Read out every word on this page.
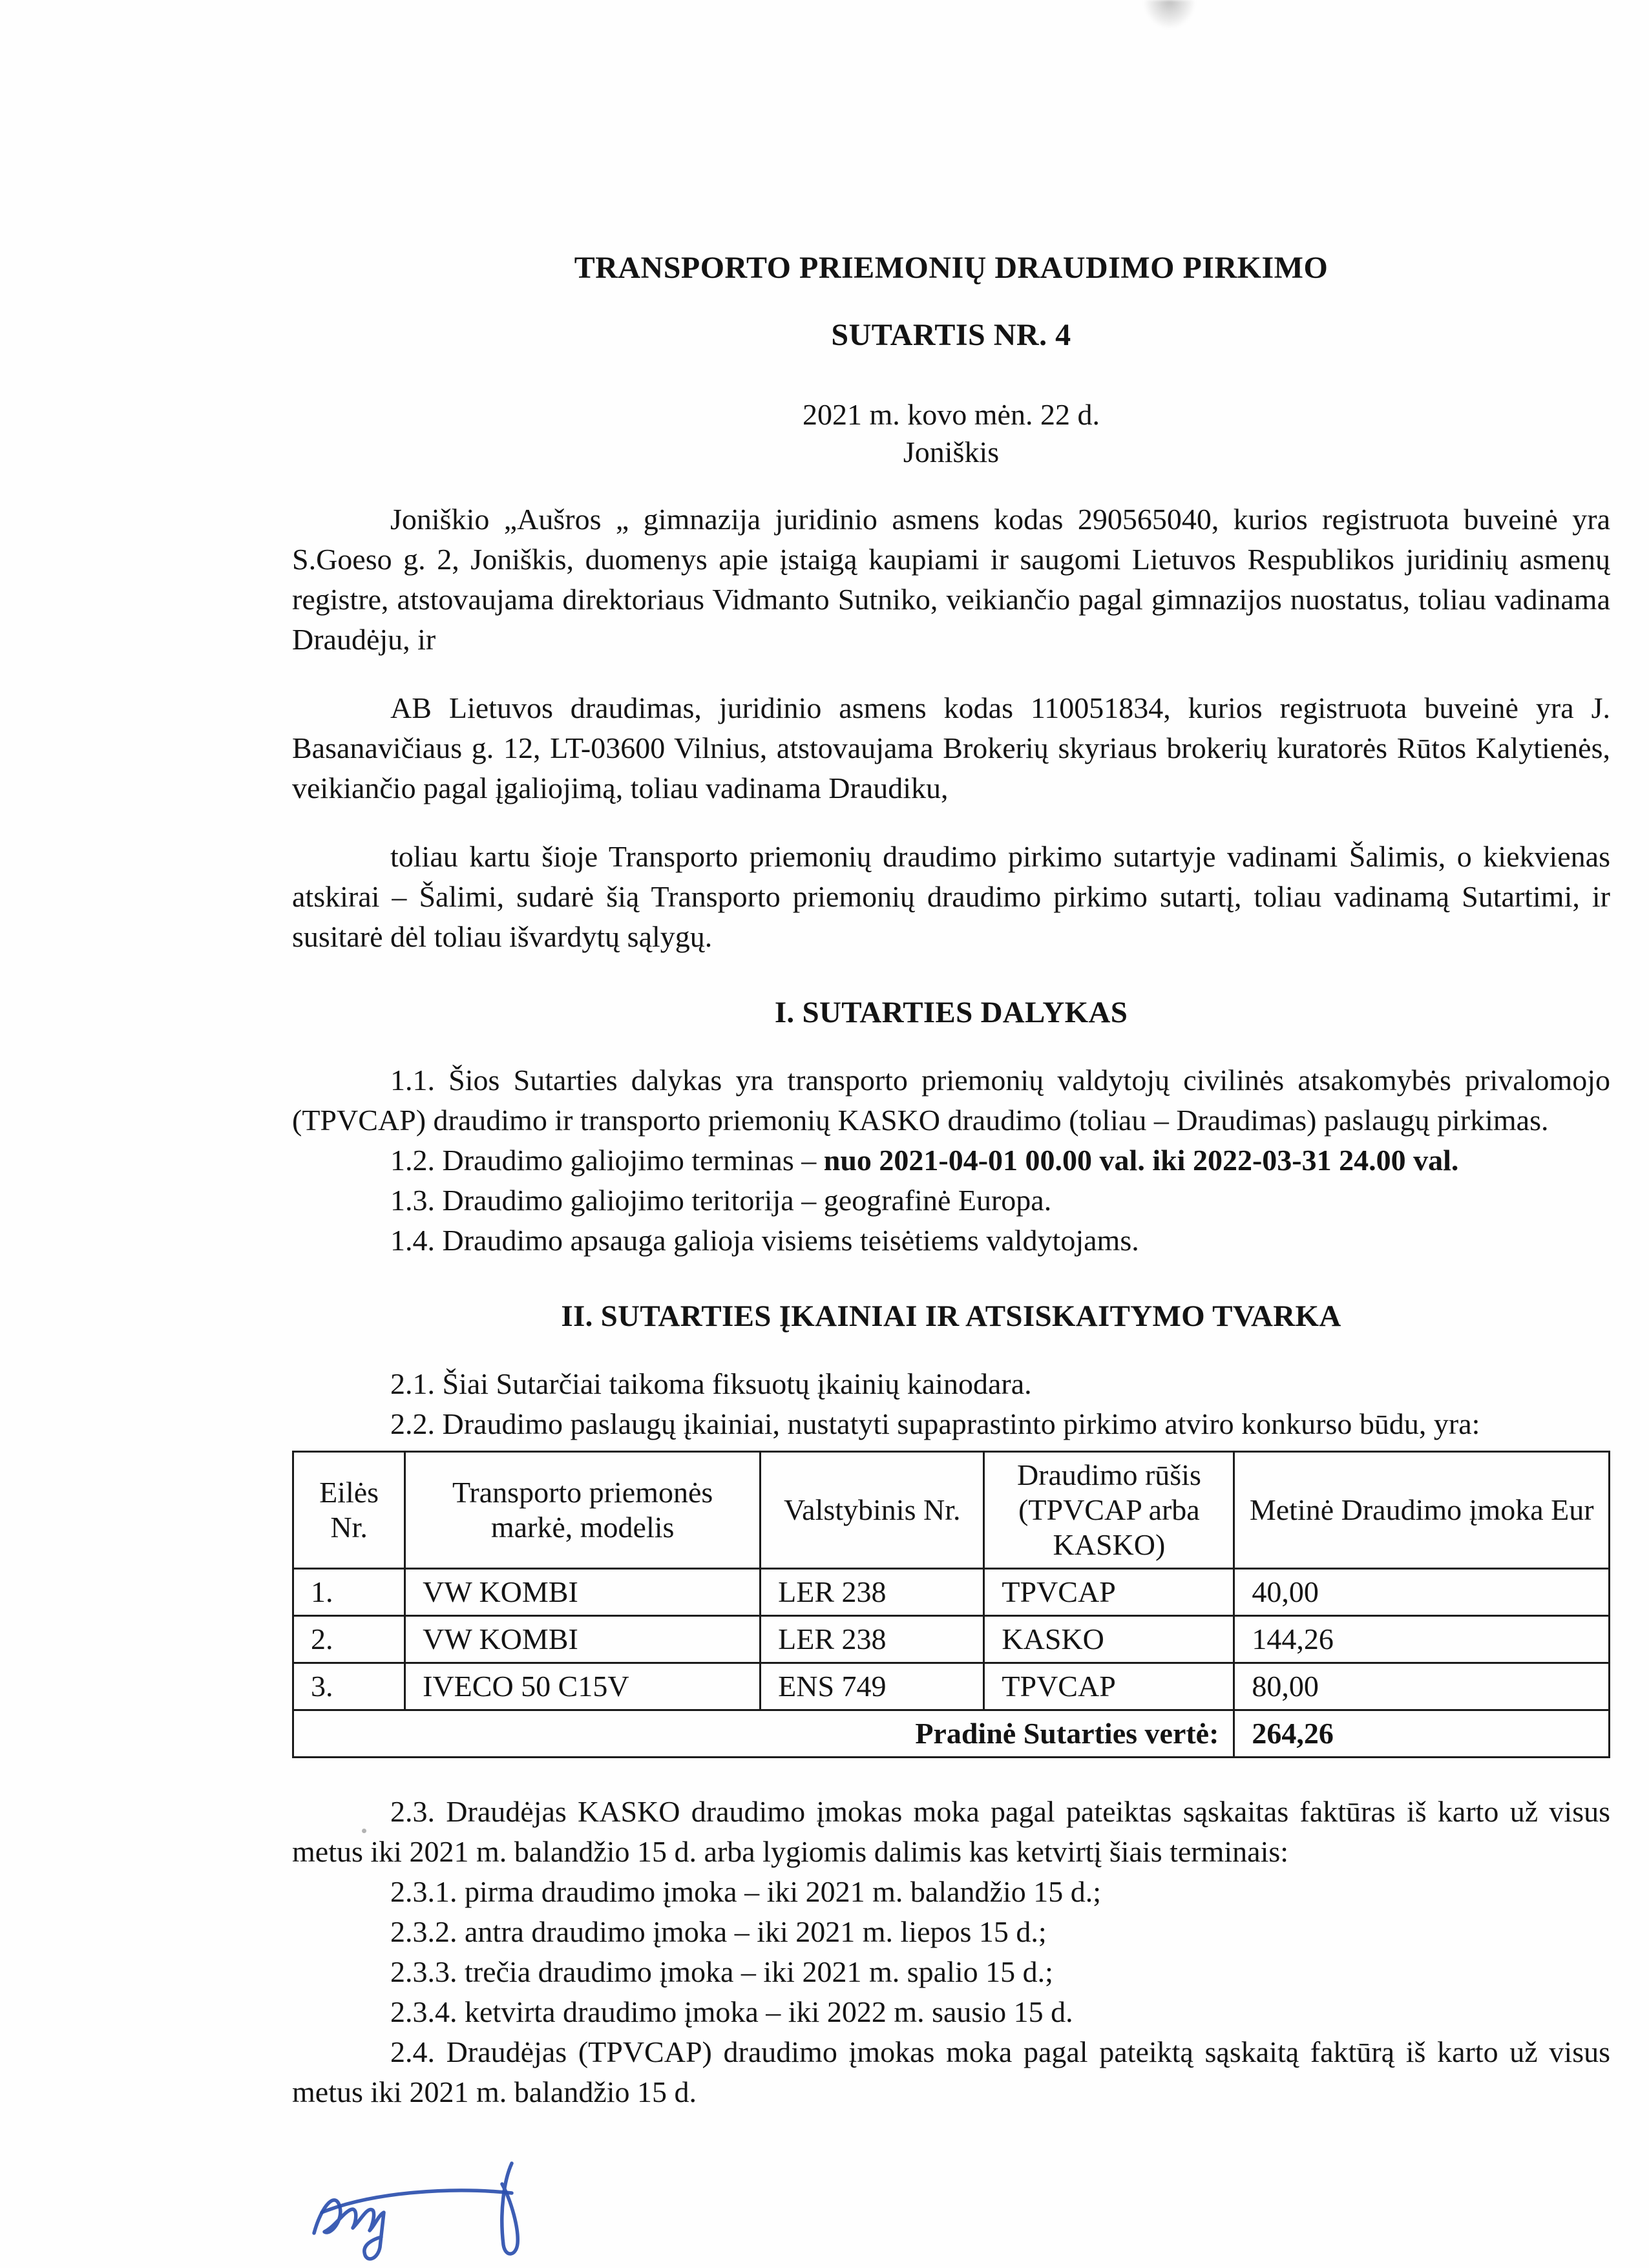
TRANSPORTO PRIEMONIŲ DRAUDIMO PIRKIMO
SUTARTIS NR. 4
2021 m. kovo mėn. 22 d.
Joniškis

Joniškio „Aušros „ gimnazija juridinio asmens kodas 290565040, kurios registruota buveinė yra S.Goeso g. 2, Joniškis, duomenys apie įstaigą kaupiami ir saugomi Lietuvos Respublikos juridinių asmenų registre, atstovaujama direktoriaus Vidmanto Sutniko, veikiančio pagal gimnazijos nuostatus, toliau vadinama Draudėju, ir

AB Lietuvos draudimas, juridinio asmens kodas 110051834, kurios registruota buveinė yra J. Basanavičiaus g. 12, LT-03600 Vilnius, atstovaujama Brokerių skyriaus brokerių kuratorės Rūtos Kalytienės, veikiančio pagal įgaliojimą, toliau vadinama Draudiku,

toliau kartu šioje Transporto priemonių draudimo pirkimo sutartyje vadinami Šalimis, o kiekvienas atskirai – Šalimi, sudarė šią Transporto priemonių draudimo pirkimo sutartį, toliau vadinamą Sutartimi, ir susitarė dėl toliau išvardytų sąlygų.

I. SUTARTIES DALYKAS

1.1. Šios Sutarties dalykas yra transporto priemonių valdytojų civilinės atsakomybės privalomojo (TPVCAP) draudimo ir transporto priemonių KASKO draudimo (toliau – Draudimas) paslaugų pirkimas.

1.2. Draudimo galiojimo terminas – nuo 2021-04-01 00.00 val. iki 2022-03-31 24.00 val.

1.3. Draudimo galiojimo teritorija – geografinė Europa.

1.4. Draudimo apsauga galioja visiems teisėtiems valdytojams.

II. SUTARTIES ĮKAINIAI IR ATSISKAITYMO TVARKA

2.1. Šiai Sutarčiai taikoma fiksuotų įkainių kainodara.

2.2. Draudimo paslaugų įkainiai, nustatyti supaprastinto pirkimo atviro konkurso būdu, yra:

Eilės Nr.	Transporto priemonės markė, modelis	Valstybinis Nr.	Draudimo rūšis (TPVCAP arba KASKO)	Metinė Draudimo įmoka Eur
1.	VW KOMBI	LER 238	TPVCAP	40,00
2.	VW KOMBI	LER 238	KASKO	144,26
3.	IVECO 50 C15V	ENS 749	TPVCAP	80,00
Pradinė Sutarties vertė:				264,26

2.3. Draudėjas KASKO draudimo įmokas moka pagal pateiktas sąskaitas faktūras iš karto už visus metus iki 2021 m. balandžio 15 d. arba lygiomis dalimis kas ketvirtį šiais terminais:

2.3.1. pirma draudimo įmoka – iki 2021 m. balandžio 15 d.;

2.3.2. antra draudimo įmoka – iki 2021 m. liepos 15 d.;

2.3.3. trečia draudimo įmoka – iki 2021 m. spalio 15 d.;

2.3.4. ketvirta draudimo įmoka – iki 2022 m. sausio 15 d.

2.4. Draudėjas (TPVCAP) draudimo įmokas moka pagal pateiktą sąskaitą faktūrą iš karto už visus metus iki 2021 m. balandžio 15 d.
